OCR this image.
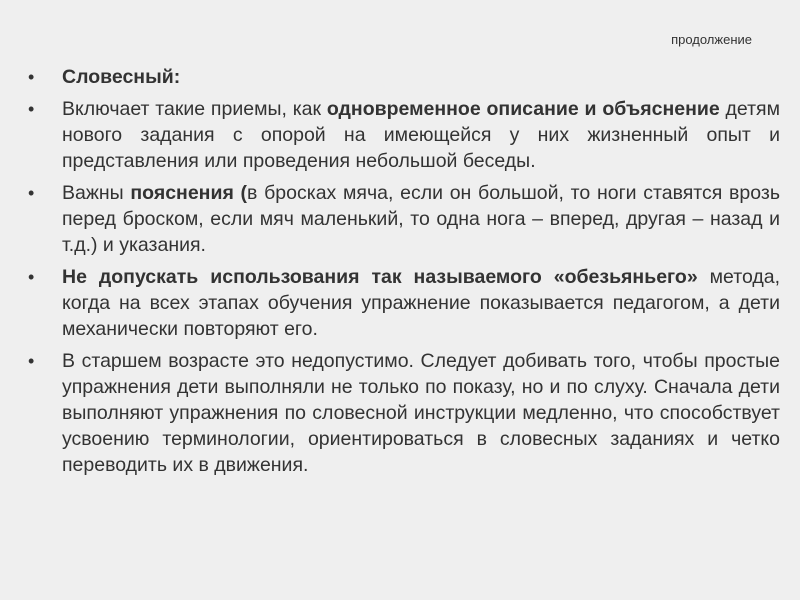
продолжение
• Словесный:
• Включает такие приемы, как одновременное описание и объяснение детям нового задания с опорой на имеющейся у них жизненный опыт и представления или проведения небольшой беседы.
• Важны пояснения (в бросках мяча, если он большой, то ноги ставятся врозь перед броском, если мяч маленький, то одна нога – вперед, другая – назад и т.д.) и указания.
• Не допускать использования так называемого «обезьяньего» метода, когда на всех этапах обучения упражнение показывается педагогом, а дети механически повторяют его.
• В старшем возрасте это недопустимо. Следует добивать того, чтобы простые упражнения дети выполняли не только по показу, но и по слуху. Сначала дети выполняют упражнения по словесной инструкции медленно, что способствует усвоению терминологии, ориентироваться в словесных заданиях и четко переводить их в движения.
